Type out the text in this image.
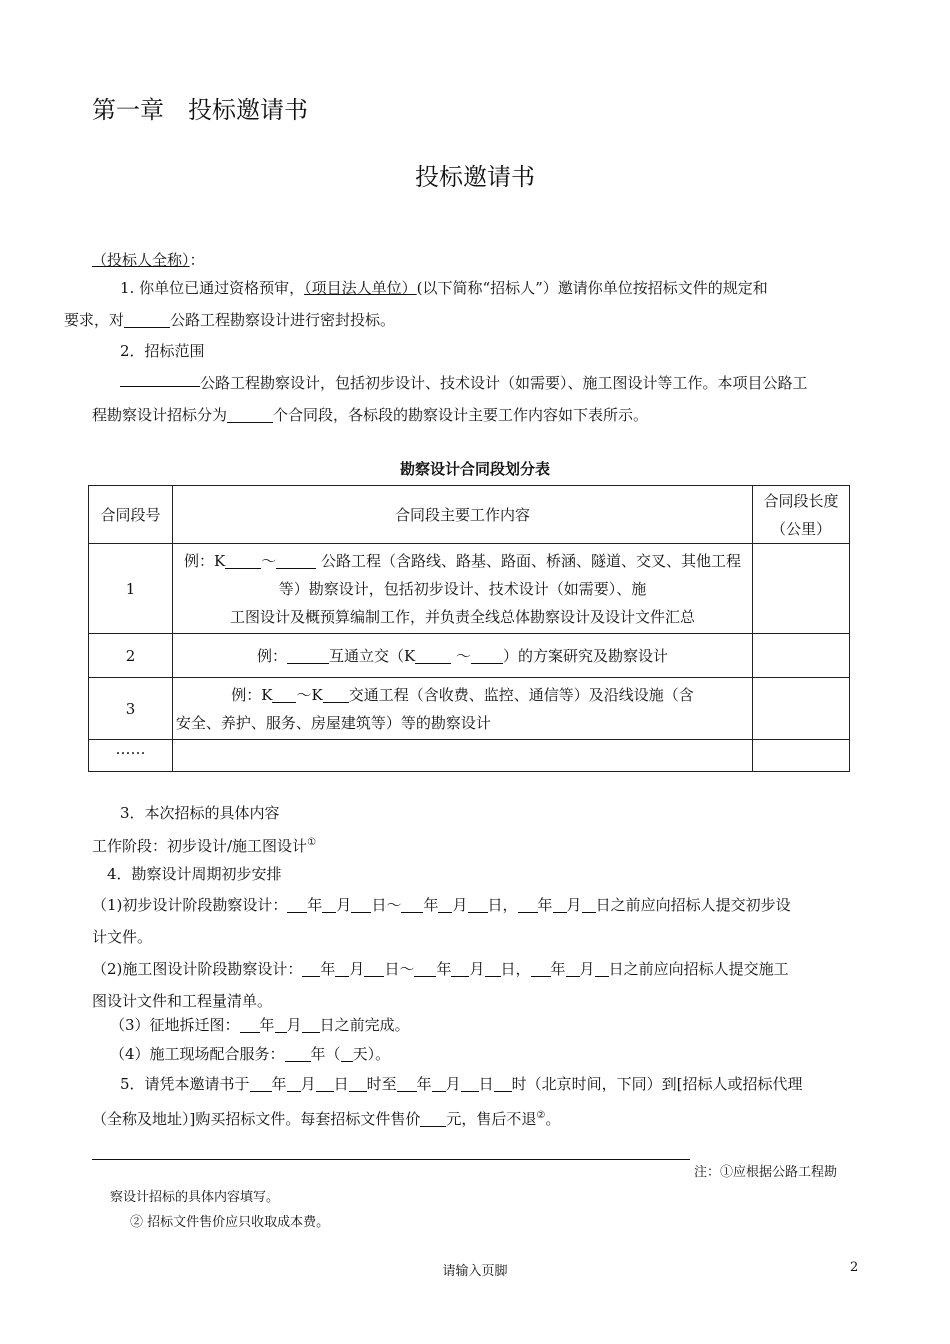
第一章　投标邀请书
投标邀请书
（投标人全称）：
1. 你单位已通过资格预审，（项目法人单位）(以下简称“招标人”）邀请你单位按招标文件的规定和
要求，对	公路工程勘察设计进行密封投标。
2．招标范围
公路工程勘察设计，包括初步设计、技术设计（如需要）、施工图设计等工作。本项目公路工
程勘察设计招标分为	个合同段，各标段的勘察设计主要工作内容如下表所示。
勘察设计合同段划分表
合同段号	合同段主要工作内容	合同段长度
（公里）
1	例：K ～ 公路工程（含路线、路基、路面、桥涵、隧道、交叉、其他工程
等）勘察设计，包括初步设计、技术设计（如需要）、施
工图设计及概预算编制工作，并负责全线总体勘察设计及设计文件汇总	
2	例： 互通立交（K ～ ）的方案研究及勘察设计	
3	例：K ～K 交通工程（含收费、监控、通信等）及沿线设施（含

安全、养护、服务、房屋建筑等）等的勘察设计	

……		
3．本次招标的具体内容
工作阶段：初步设计/施工图设计①
4．勘察设计周期初步安排
（1)初步设计阶段勘察设计： 年 月 日～ 年 月 日， 年 月 日之前应向招标人提交初步设
计文件。
（2)施工图设计阶段勘察设计： 年 月 日～ 年 月 日， 年 月 日之前应向招标人提交施工
图设计文件和工程量清单。
（3）征地拆迁图： 年 月 日之前完成。
（4）施工现场配合服务： 年（ 天）。
5．请凭本邀请书于 年 月 日 时至 年 月 日 时（北京时间，下同）到[招标人或招标代理
（全称及地址）]购买招标文件。每套招标文件售价 元，售后不退②。
注：①应根据公路工程勘
察设计招标的具体内容填写。
② 招标文件售价应只收取成本费。
请输入页脚	2
